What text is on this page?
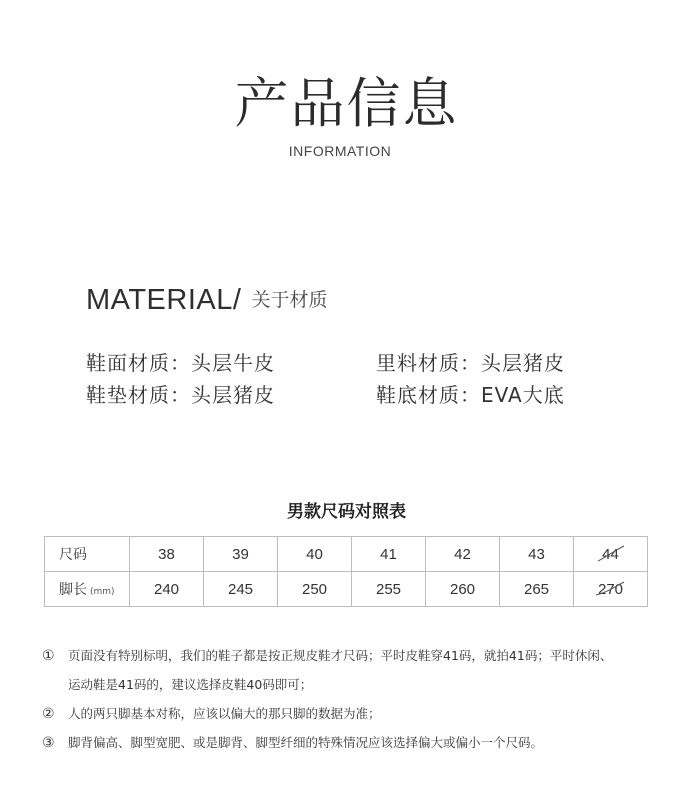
产品信息
INFORMATION
MATERIAL/ 关于材质
鞋面材质：头层牛皮	里料材质：头层猪皮
鞋垫材质：头层猪皮	鞋底材质：EVA大底
男款尺码对照表
尺码	38	39	40	41	42	43	44

脚长 (mm)	240	245	250	255	260	265	270
① 页面没有特别标明，我们的鞋子都是按正规皮鞋才尺码；平时皮鞋穿41码，就拍41码；平时休闲、
运动鞋是41码的，建议选择皮鞋40码即可；
② 人的两只脚基本对称，应该以偏大的那只脚的数据为准；
③ 脚背偏高、脚型宽肥、或是脚背、脚型纤细的特殊情况应该选择偏大或偏小一个尺码。
